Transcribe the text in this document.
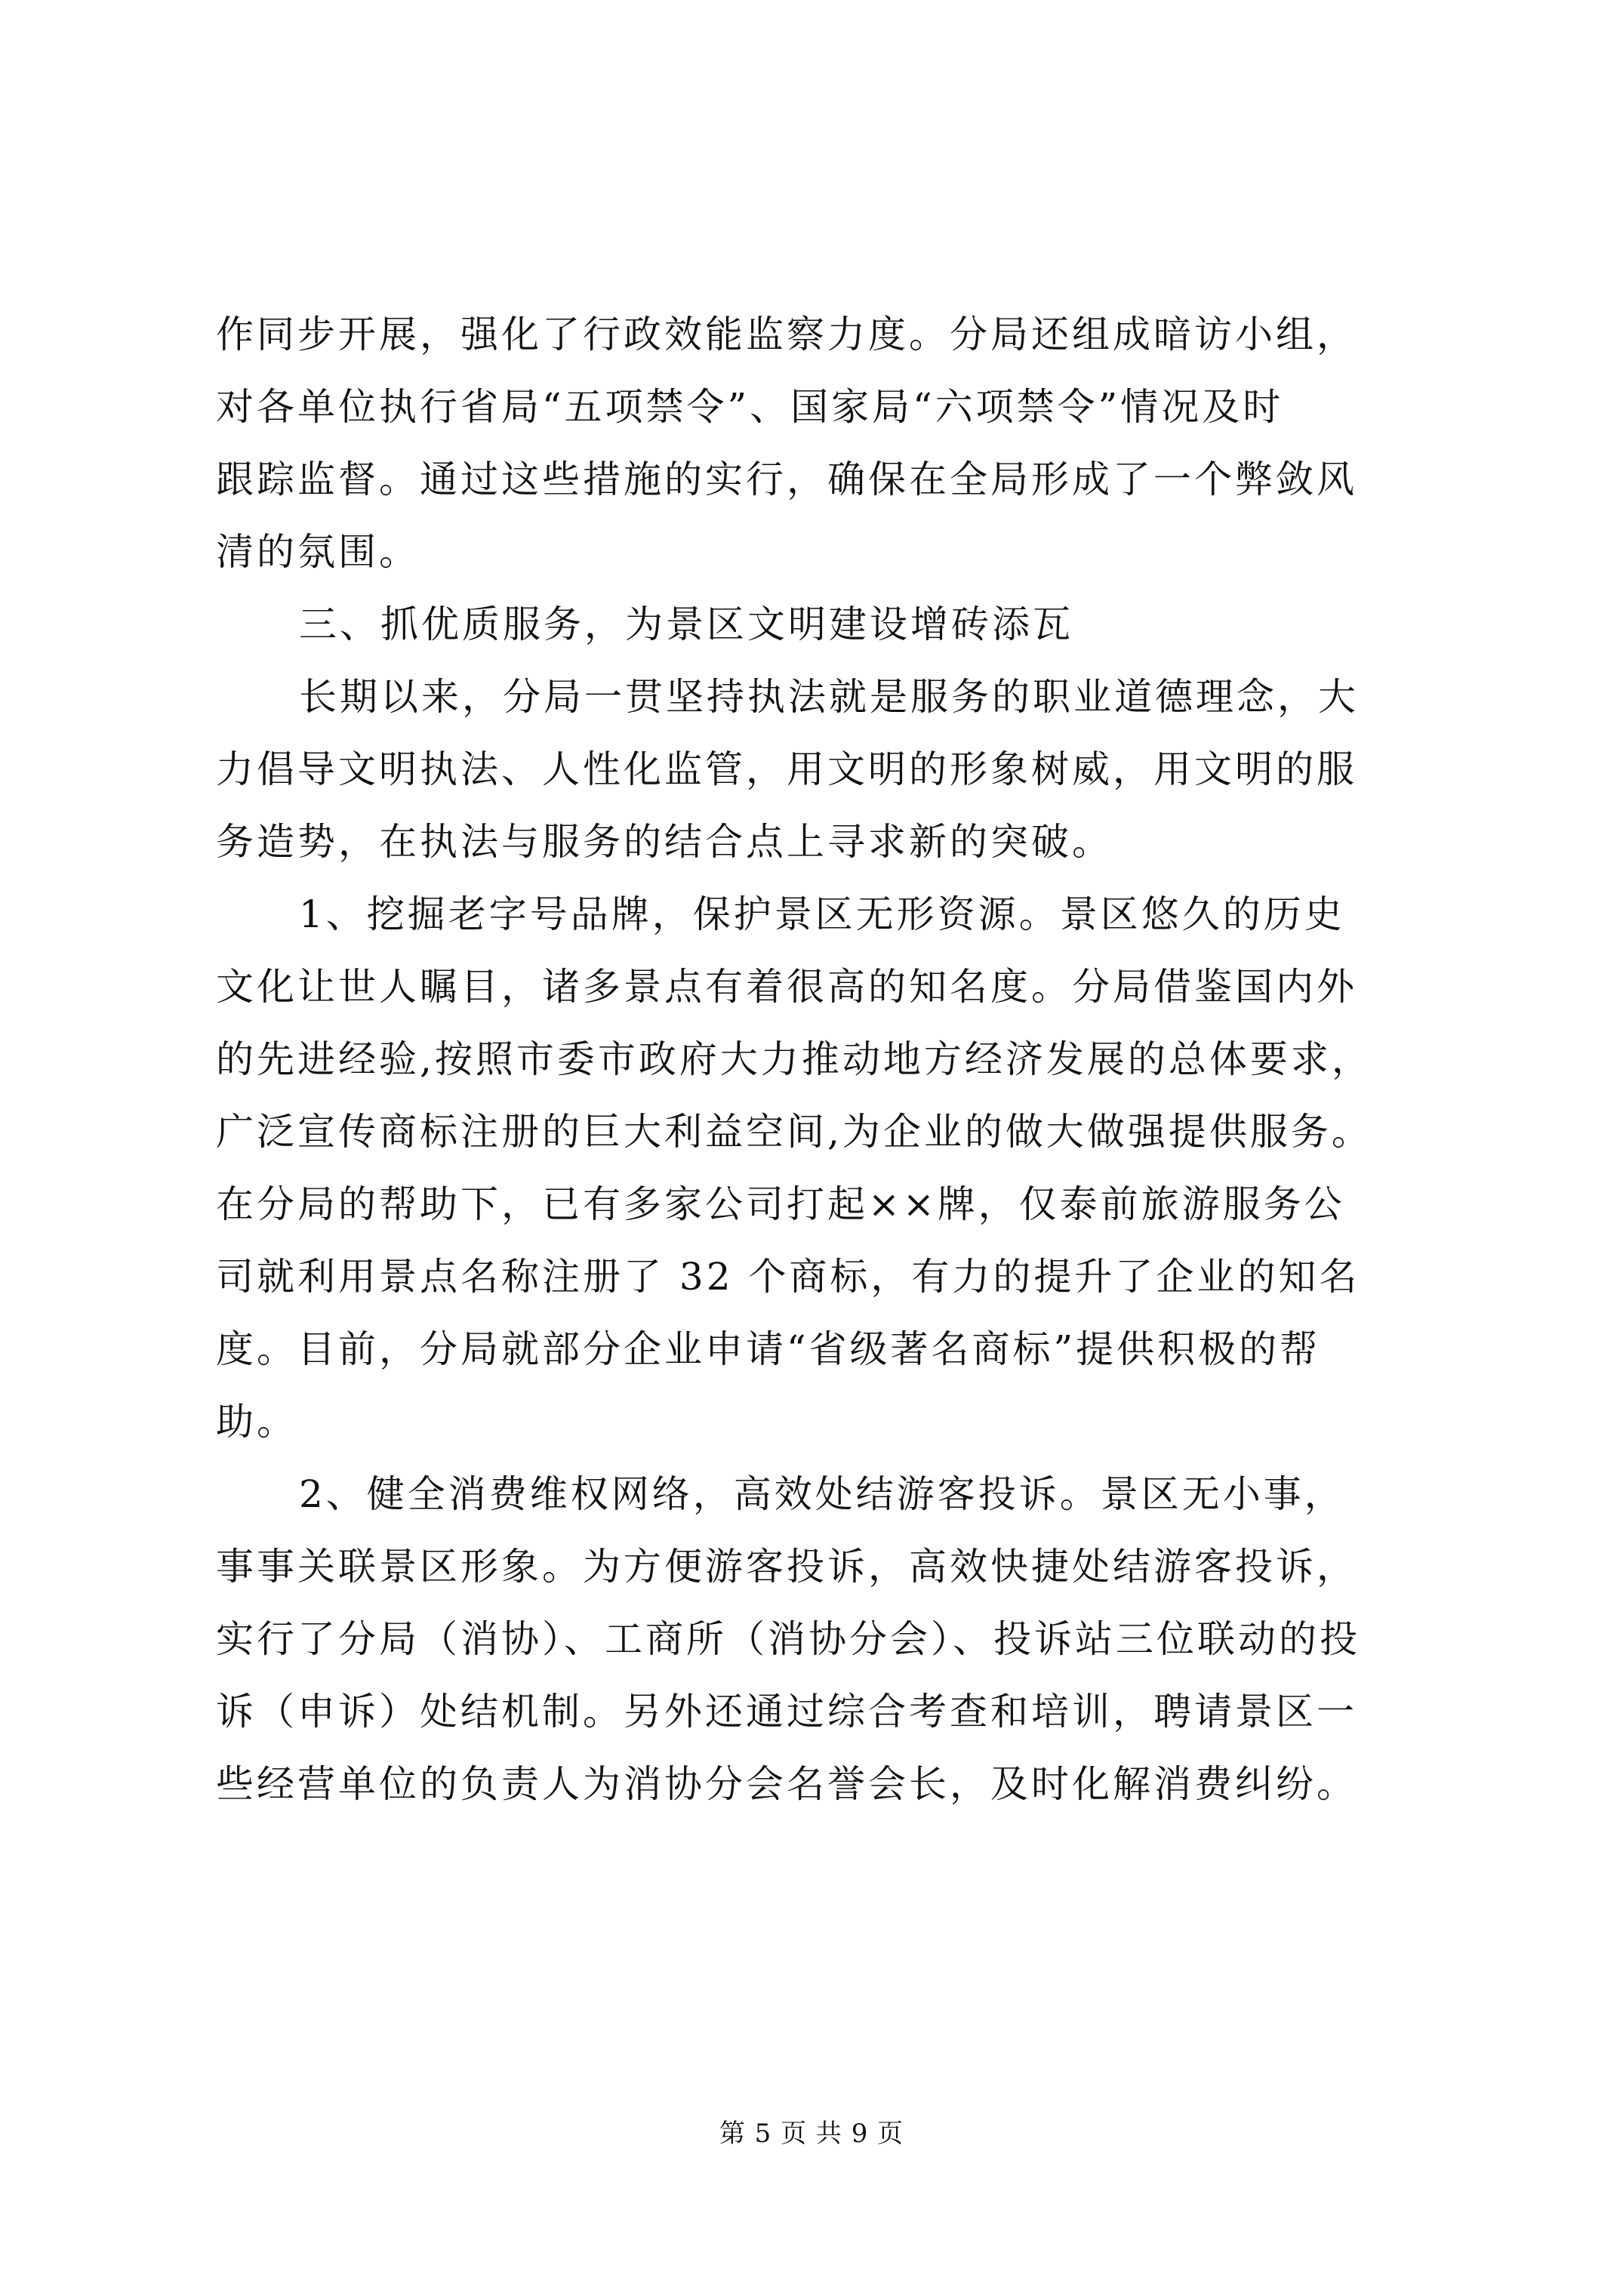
作同步开展，强化了行政效能监察力度。分局还组成暗访小组，
对各单位执行省局“五项禁令”、国家局“六项禁令”情况及时
跟踪监督。通过这些措施的实行，确保在全局形成了一个弊敛风
清的氛围。
三、抓优质服务，为景区文明建设增砖添瓦
长期以来，分局一贯坚持执法就是服务的职业道德理念，大
力倡导文明执法、人性化监管，用文明的形象树威，用文明的服
务造势，在执法与服务的结合点上寻求新的突破。
1、挖掘老字号品牌，保护景区无形资源。景区悠久的历史
文化让世人瞩目，诸多景点有着很高的知名度。分局借鉴国内外
的先进经验,按照市委市政府大力推动地方经济发展的总体要求，
广泛宣传商标注册的巨大利益空间,为企业的做大做强提供服务。
在分局的帮助下，已有多家公司打起××牌，仅泰前旅游服务公
司就利用景点名称注册了 32 个商标，有力的提升了企业的知名
度。目前，分局就部分企业申请“省级著名商标”提供积极的帮
助。
2、健全消费维权网络，高效处结游客投诉。景区无小事，
事事关联景区形象。为方便游客投诉，高效快捷处结游客投诉，
实行了分局（消协）、工商所（消协分会）、投诉站三位联动的投
诉（申诉）处结机制。另外还通过综合考查和培训，聘请景区一
些经营单位的负责人为消协分会名誉会长，及时化解消费纠纷。
第 5 页 共 9 页
